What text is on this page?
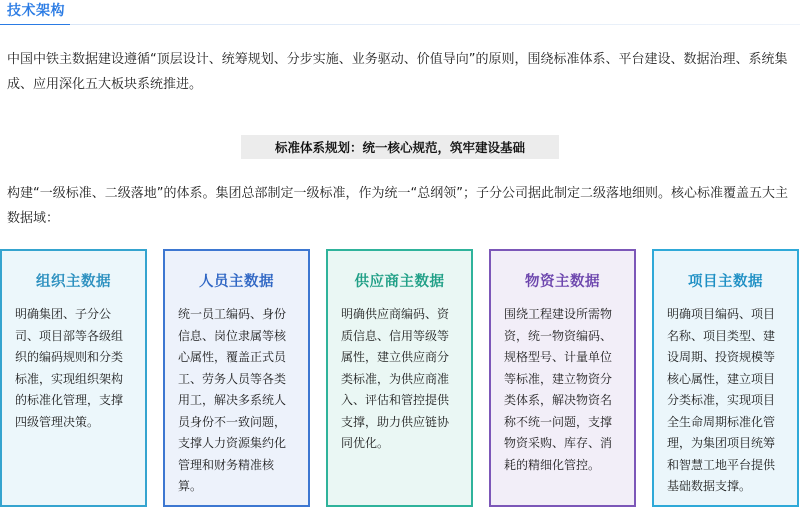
技术架构

中国中铁主数据建设遵循“顶层设计、统筹规划、分步实施、业务驱动、价值导向”的原则，围绕标准体系、平台建设、数据治理、系统集成、应用深化五大板块系统推进。

标准体系规划：统一核心规范，筑牢建设基础

构建“一级标准、二级落地”的体系。集团总部制定一级标准，作为统一“总纲领”；子分公司据此制定二级落地细则。核心标准覆盖五大主数据域：

组织主数据
明确集团、子分公司、项目部等各级组织的编码规则和分类标准，实现组织架构的标准化管理，支撑四级管理决策。
人员主数据
统一员工编码、身份信息、岗位隶属等核心属性，覆盖正式员工、劳务人员等各类用工，解决多系统人员身份不一致问题，支撑人力资源集约化管理和财务精准核算。
供应商主数据
明确供应商编码、资质信息、信用等级等属性，建立供应商分类标准，为供应商准入、评估和管控提供支撑，助力供应链协同优化。
物资主数据
围绕工程建设所需物资，统一物资编码、规格型号、计量单位等标准，建立物资分类体系，解决物资名称不统一问题，支撑物资采购、库存、消耗的精细化管控。
项目主数据
明确项目编码、项目名称、项目类型、建设周期、投资规模等核心属性，建立项目分类标准，实现项目全生命周期标准化管理，为集团项目统筹和智慧工地平台提供基础数据支撑。
